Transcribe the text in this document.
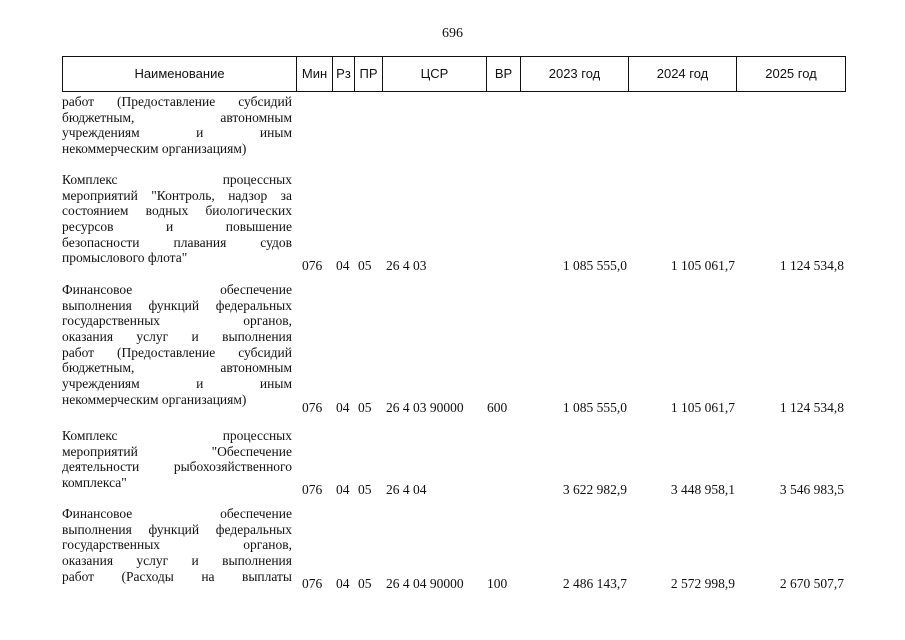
696
Наименование	Мин Рз ПР	ЦСР	ВР	2023 год	2024 год	2025 год
работ (Предоставление субсидий
бюджетным, автономным
учреждениям и иным
некоммерческим организациям)
Комплекс процессных
мероприятий "Контроль, надзор за
состоянием водных биологических
ресурсов и повышение
безопасности плавания судов
промыслового флота"
076 04 05 26 4 03	1 085 555,0	1 105 061,7	1 124 534,8
Финансовое обеспечение
выполнения функций федеральных
государственных органов,
оказания услуг и выполнения
работ (Предоставление субсидий
бюджетным, автономным
учреждениям и иным
некоммерческим организациям)
076 04 05 26 4 03 90000 600	1 085 555,0	1 105 061,7	1 124 534,8
Комплекс процессных
мероприятий "Обеспечение
деятельности рыбохозяйственного
комплекса"	076 04 05 26 4 04	3 622 982,9	3 448 958,1	3 546 983,5
Финансовое обеспечение
выполнения функций федеральных
государственных органов,
оказания услуг и выполнения
работ (Расходы на выплаты 076 04 05 26 4 04 90000 100	2 486 143,7	2 572 998,9	2 670 507,7
